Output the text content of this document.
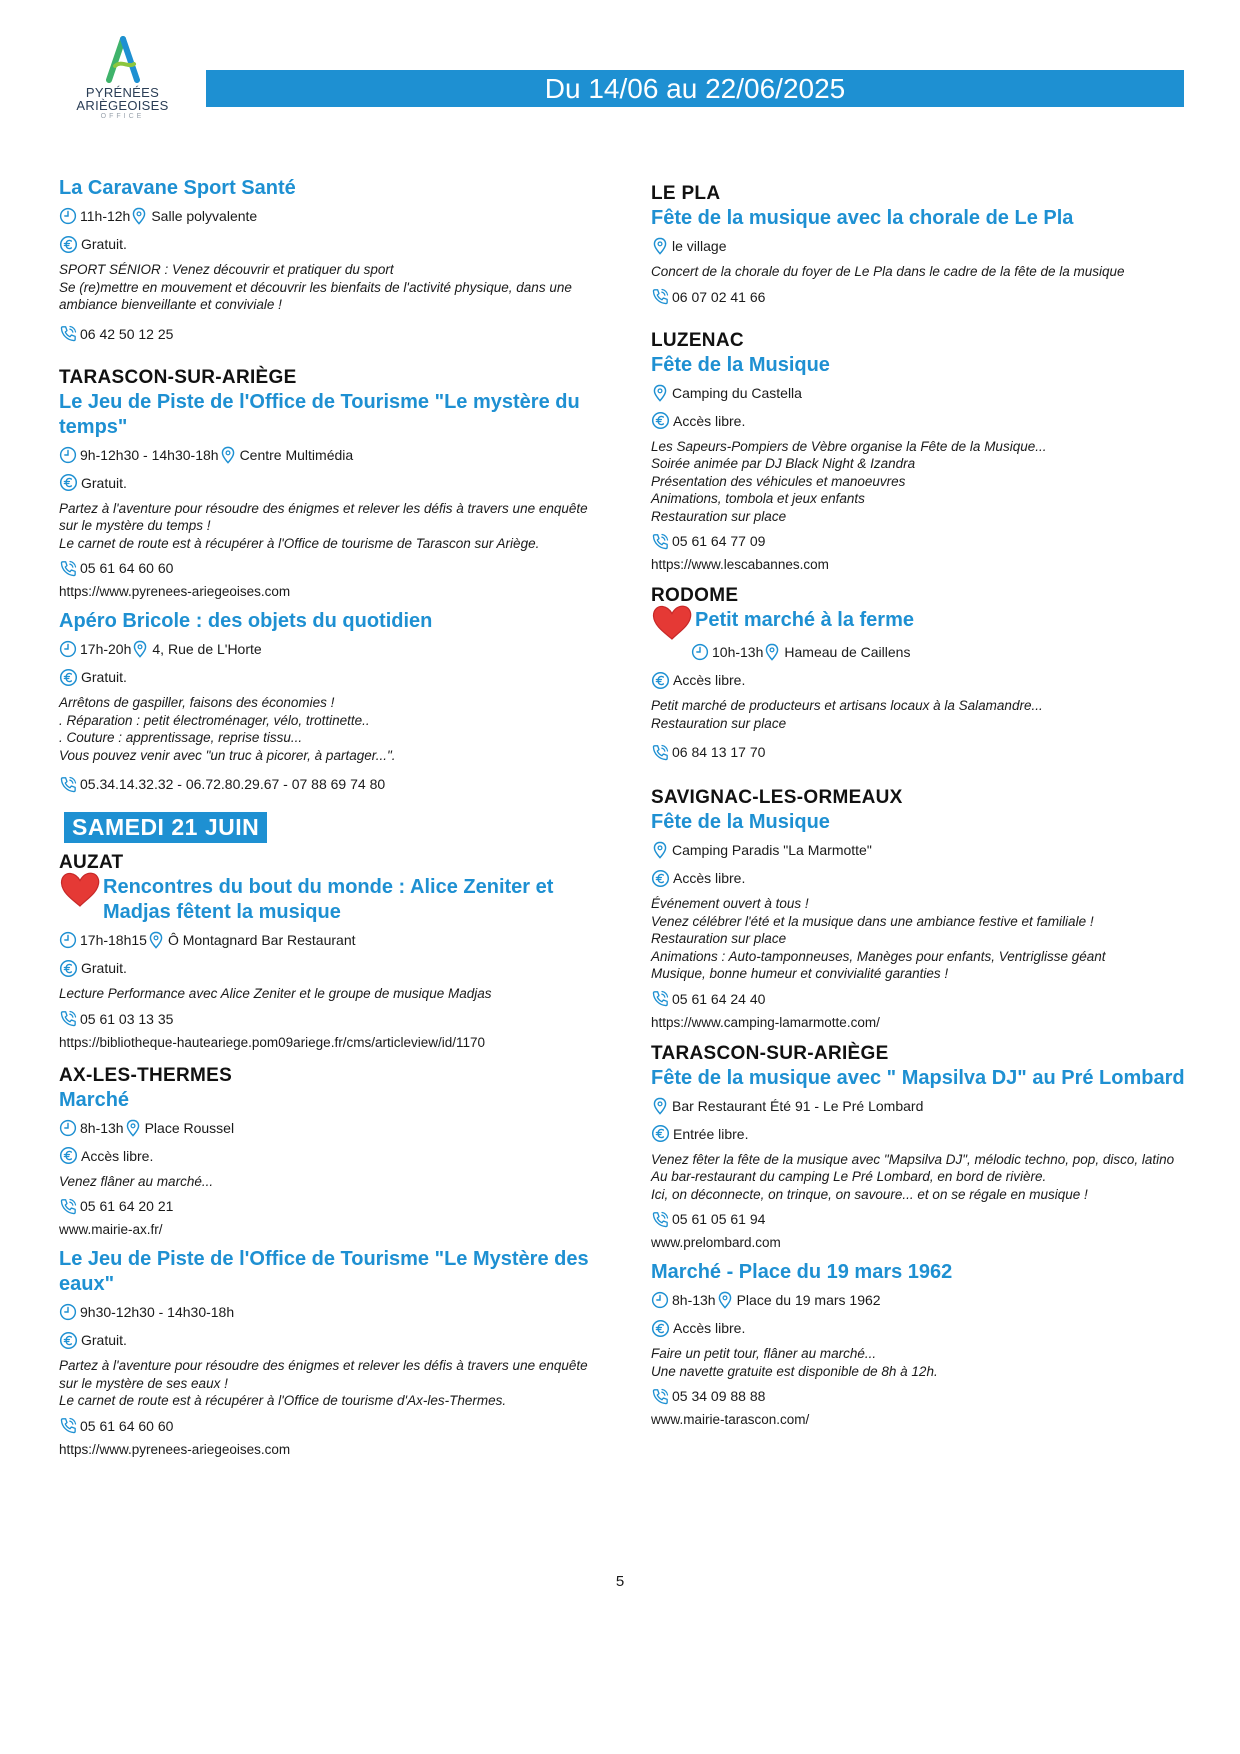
PYRÉNÉES
ARIÈGEOISES
OFFICE
Du 14/06 au 22/06/2025
La Caravane Sport Santé
11h-12h Salle polyvalente
Gratuit.
SPORT SÉNIOR : Venez découvrir et pratiquer du sport
Se (re)mettre en mouvement et découvrir les bienfaits de l'activité physique, dans une ambiance bienveillante et conviviale !
06 42 50 12 25
TARASCON-SUR-ARIÈGE
Le Jeu de Piste de l'Office de Tourisme "Le mystère du temps"
9h-12h30 - 14h30-18h Centre Multimédia
Gratuit.
Partez à l'aventure pour résoudre des énigmes et relever les défis à travers une enquête sur le mystère du temps !
Le carnet de route est à récupérer à l'Office de tourisme de Tarascon sur Ariège.
05 61 64 60 60
https://www.pyrenees-ariegeoises.com
Apéro Bricole : des objets du quotidien
17h-20h 4, Rue de L'Horte
Gratuit.
Arrêtons de gaspiller, faisons des économies !
. Réparation : petit électroménager, vélo, trottinette..
. Couture : apprentissage, reprise tissu...
Vous pouvez venir avec "un truc à picorer, à partager...".
05.34.14.32.32 - 06.72.80.29.67 - 07 88 69 74 80
SAMEDI 21 JUIN
AUZAT
Rencontres du bout du monde : Alice Zeniter et Madjas fêtent la musique
17h-18h15 Ô Montagnard Bar Restaurant
Gratuit.
Lecture Performance avec Alice Zeniter et le groupe de musique Madjas
05 61 03 13 35
https://bibliotheque-hauteariege.pom09ariege.fr/cms/articleview/id/1170
AX-LES-THERMES
Marché
8h-13h Place Roussel
Accès libre.
Venez flâner au marché...
05 61 64 20 21
www.mairie-ax.fr/
Le Jeu de Piste de l'Office de Tourisme "Le Mystère des eaux"
9h30-12h30 - 14h30-18h
Gratuit.
Partez à l'aventure pour résoudre des énigmes et relever les défis à travers une enquête sur le mystère de ses eaux !
Le carnet de route est à récupérer à l'Office de tourisme d'Ax-les-Thermes.
05 61 64 60 60
https://www.pyrenees-ariegeoises.com
LE PLA
Fête de la musique avec la chorale de Le Pla
le village
Concert de la chorale du foyer de Le Pla dans le cadre de la fête de la musique
06 07 02 41 66
LUZENAC
Fête de la Musique
Camping du Castella
Accès libre.
Les Sapeurs-Pompiers de Vèbre organise la Fête de la Musique...
Soirée animée par DJ Black Night & Izandra
Présentation des véhicules et manoeuvres
Animations, tombola et jeux enfants
Restauration sur place
05 61 64 77 09
https://www.lescabannes.com
RODOME
Petit marché à la ferme
10h-13h Hameau de Caillens
Accès libre.
Petit marché de producteurs et artisans locaux à la Salamandre...
Restauration sur place
06 84 13 17 70
SAVIGNAC-LES-ORMEAUX
Fête de la Musique
Camping Paradis "La Marmotte"
Accès libre.
Événement ouvert à tous !
Venez célébrer l'été et la musique dans une ambiance festive et familiale !
Restauration sur place
Animations : Auto-tamponneuses, Manèges pour enfants, Ventriglisse géant
Musique, bonne humeur et convivialité garanties !
05 61 64 24 40
https://www.camping-lamarmotte.com/
TARASCON-SUR-ARIÈGE
Fête de la musique avec " Mapsilva DJ" au Pré Lombard
Bar Restaurant Été 91 - Le Pré Lombard
Entrée libre.
Venez fêter la fête de la musique avec "Mapsilva DJ", mélodic techno, pop, disco, latino
Au bar-restaurant du camping Le Pré Lombard, en bord de rivière.
Ici, on déconnecte, on trinque, on savoure... et on se régale en musique !
05 61 05 61 94
www.prelombard.com
Marché - Place du 19 mars 1962
8h-13h Place du 19 mars 1962
Accès libre.
Faire un petit tour, flâner au marché...
Une navette gratuite est disponible de 8h à 12h.
05 34 09 88 88
www.mairie-tarascon.com/
5
